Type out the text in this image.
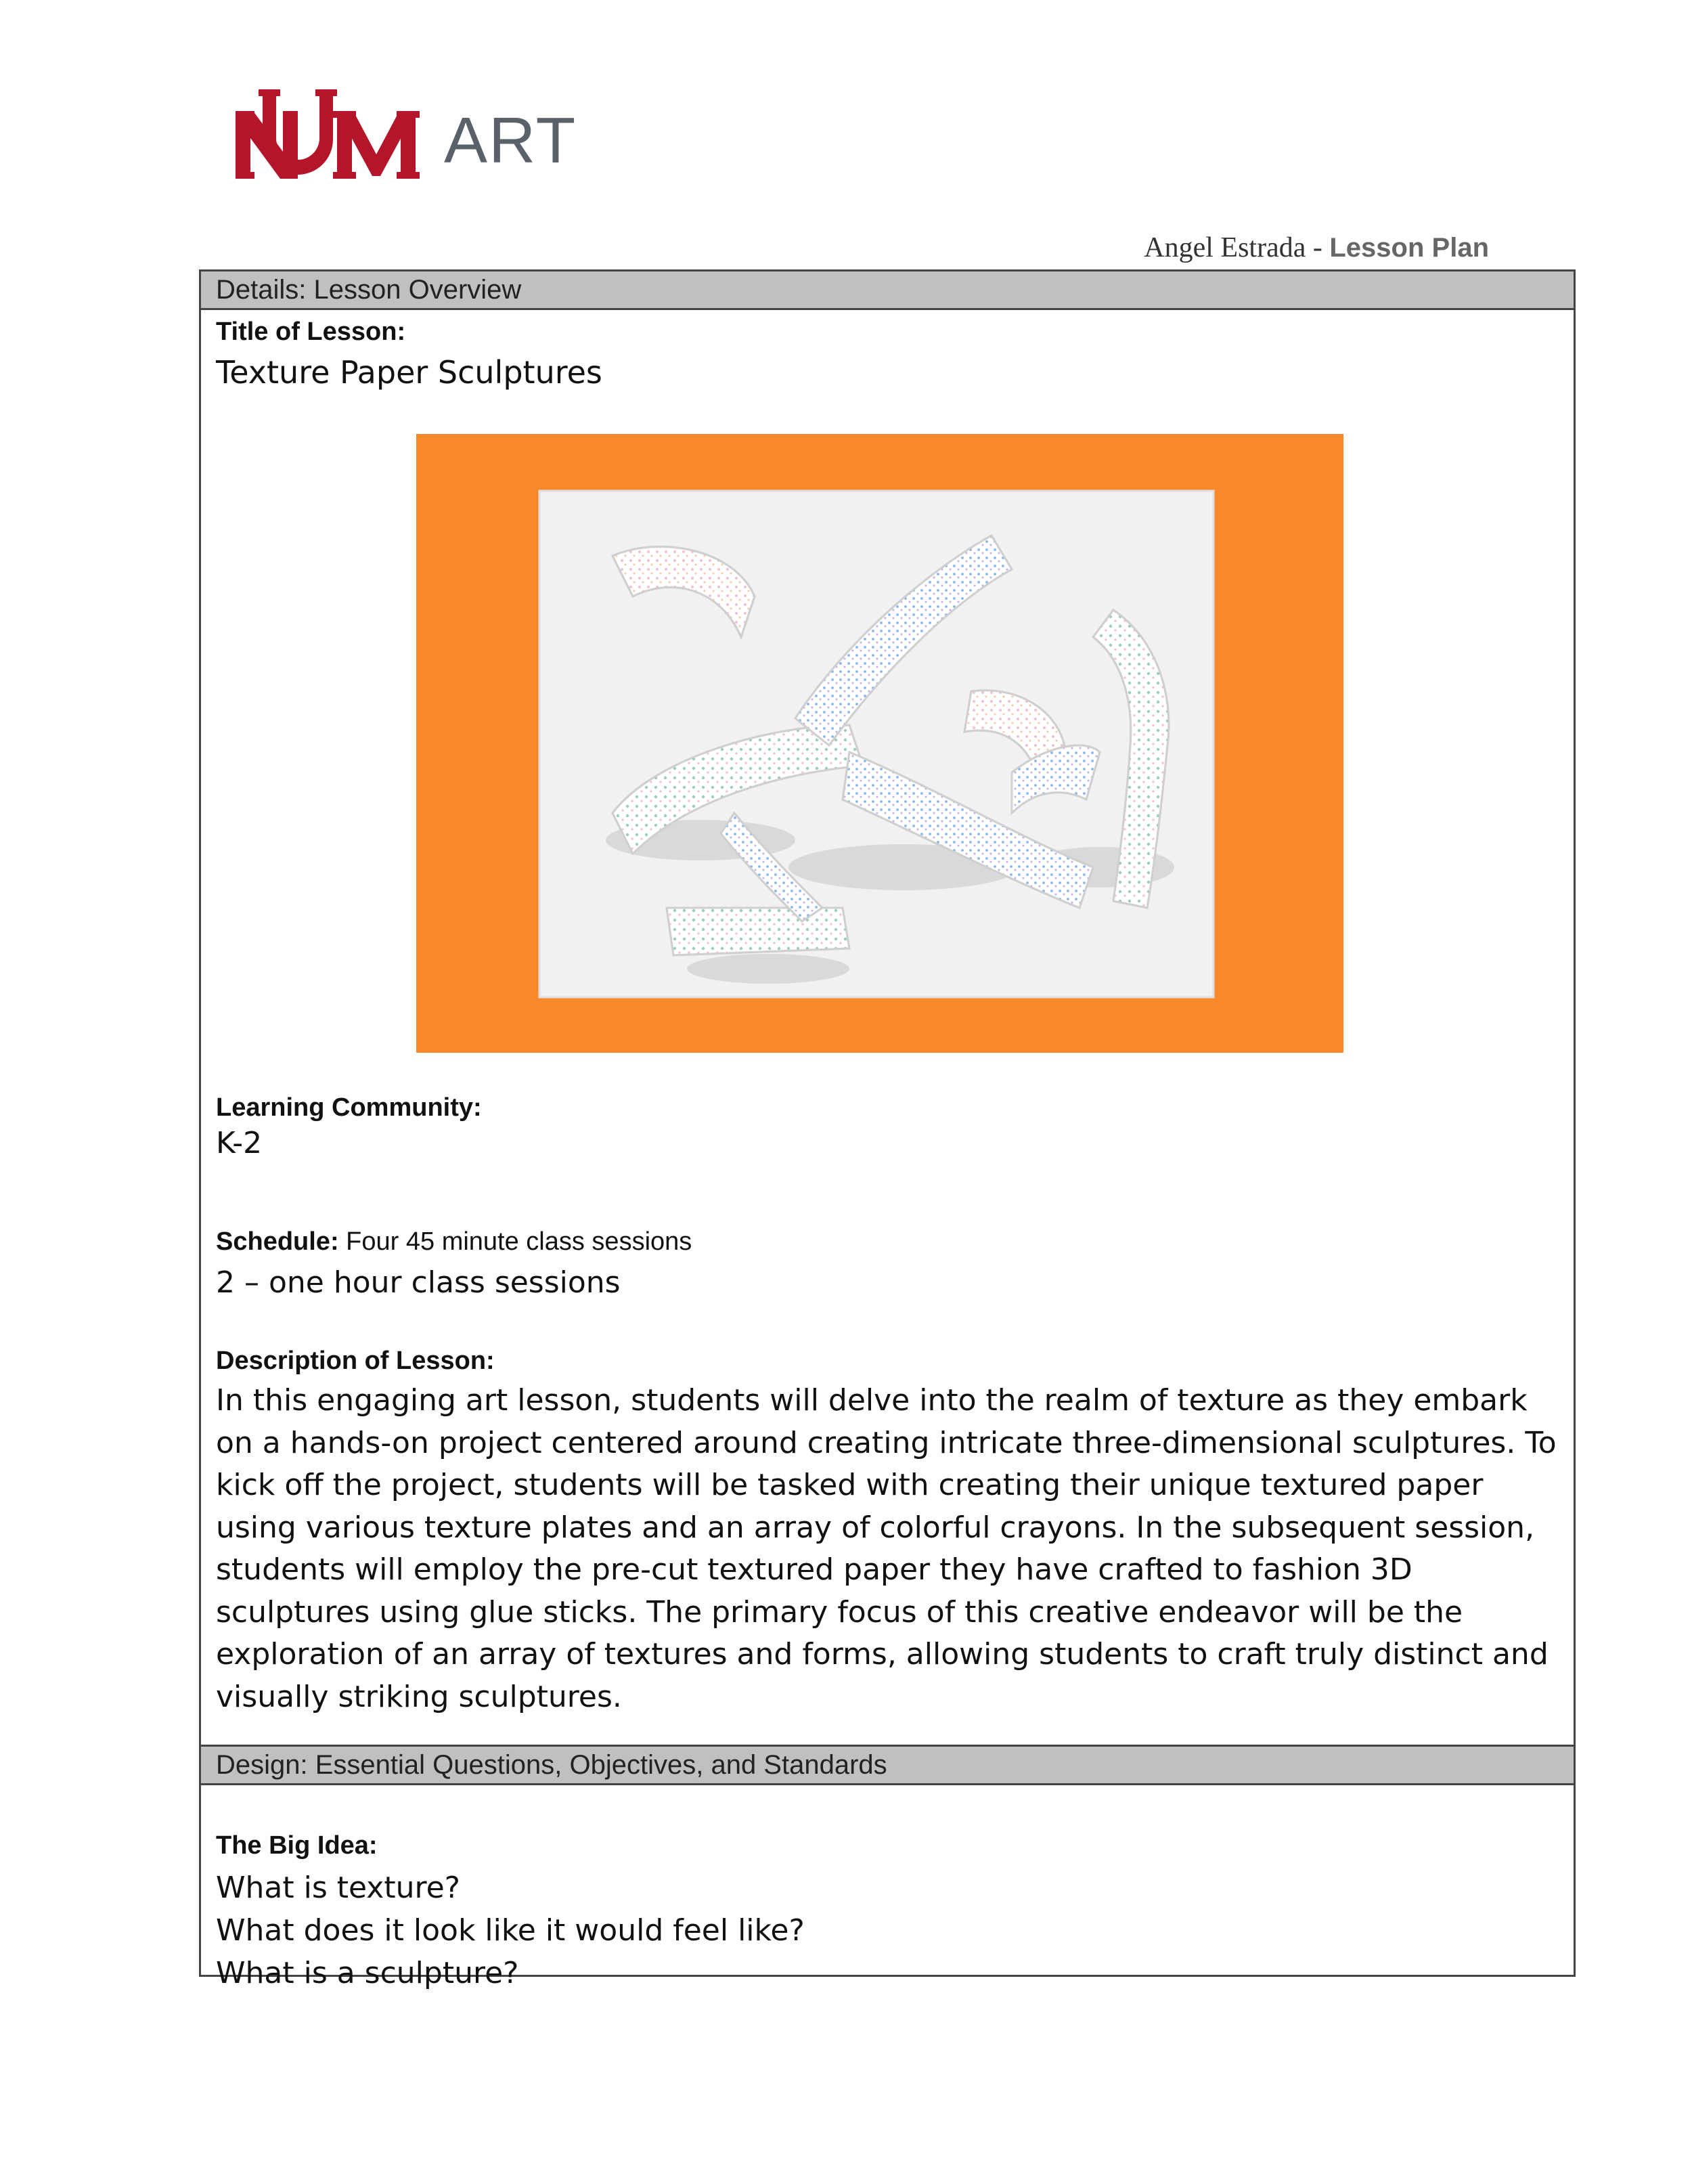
ART
Angel Estrada - Lesson Plan
Details: Lesson Overview
Title of Lesson:
Texture Paper Sculptures
Learning Community:
K-2
Schedule: Four 45 minute class sessions
2 – one hour class sessions
Description of Lesson:
In this engaging art lesson, students will delve into the realm of texture as they embark on a hands-on project centered around creating intricate three-dimensional sculptures. To kick off the project, students will be tasked with creating their unique textured paper using various texture plates and an array of colorful crayons. In the subsequent session, students will employ the pre-cut textured paper they have crafted to fashion 3D sculptures using glue sticks. The primary focus of this creative endeavor will be the exploration of an array of textures and forms, allowing students to craft truly distinct and visually striking sculptures.
Design: Essential Questions, Objectives, and Standards
The Big Idea:
What is texture?
What does it look like it would feel like?
What is a sculpture?
